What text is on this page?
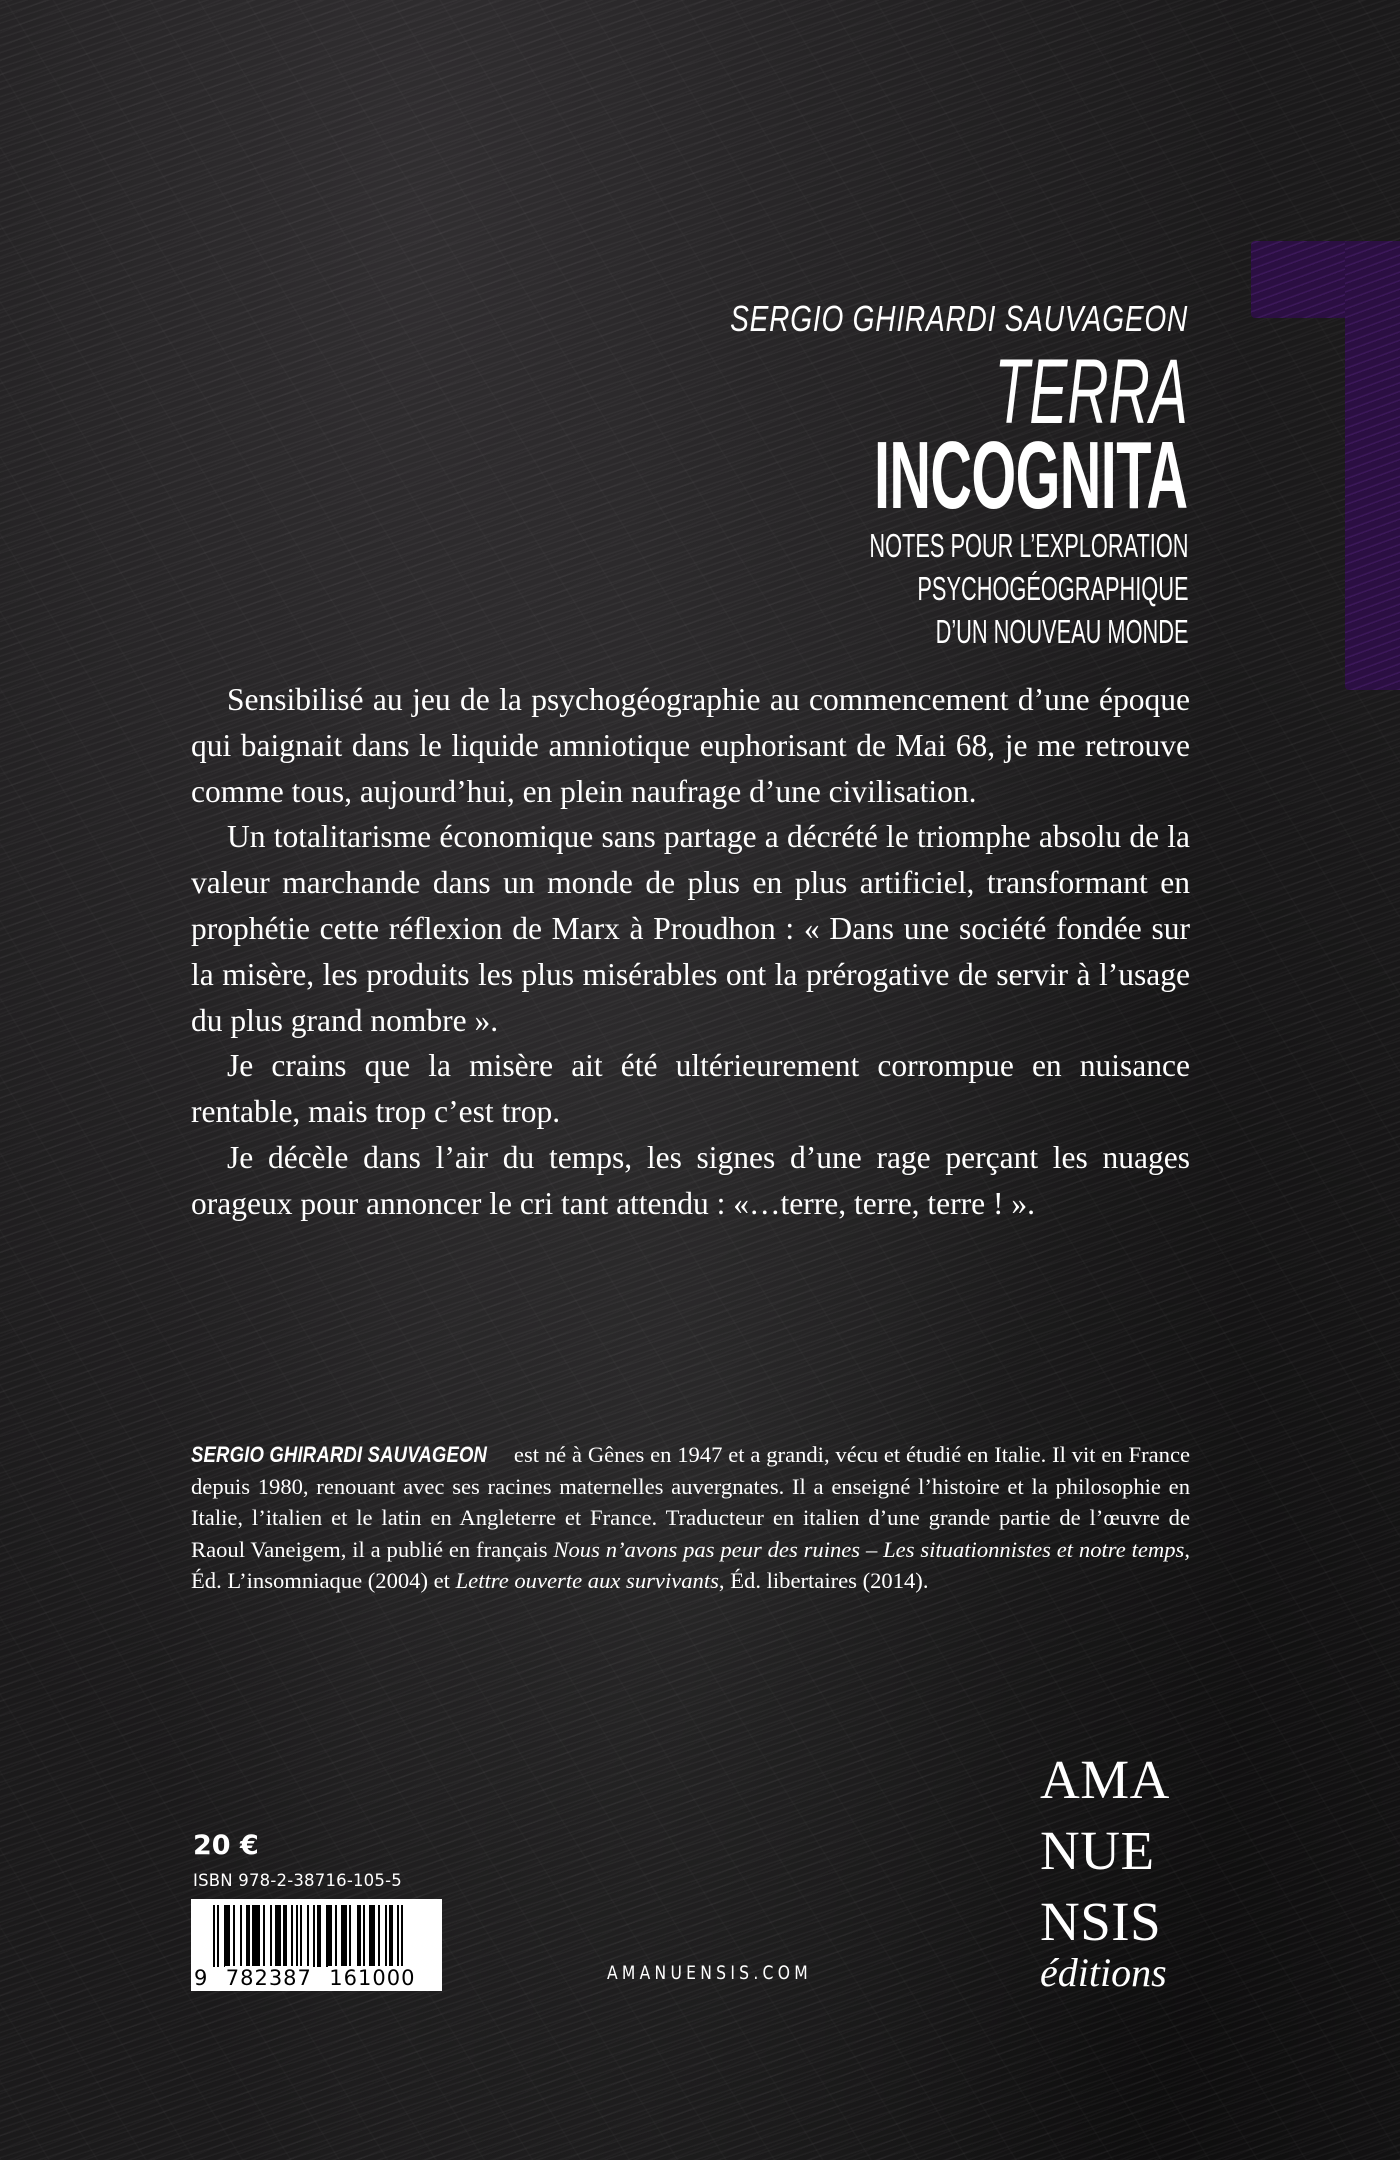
SERGIO GHIRARDI SAUVAGEON
TERRA
INCOGNITA
NOTES POUR L’EXPLORATION
PSYCHOGÉOGRAPHIQUE
D’UN NOUVEAU MONDE

Sensibilisé au jeu de la psychogéographie au commencement d’une époque qui baignait dans le liquide amniotique euphorisant de Mai 68, je me retrouve comme tous, aujourd’hui, en plein naufrage d’une civilisation.

Un totalitarisme économique sans partage a décrété le triomphe absolu de la valeur marchande dans un monde de plus en plus artificiel, transformant en prophétie cette réflexion de Marx à Proudhon : « Dans une société fondée sur la misère, les produits les plus misérables ont la prérogative de servir à l’usage du plus grand nombre ».

Je crains que la misère ait été ultérieurement corrompue en nuisance rentable, mais trop c’est trop.

Je décèle dans l’air du temps, les signes d’une rage perçant les nuages orageux pour annoncer le cri tant attendu : «…terre, terre, terre ! ».

SERGIO GHIRARDI SAUVAGEON est né à Gênes en 1947 et a grandi, vécu et étudié en Italie. Il vit en France depuis 1980, renouant avec ses racines maternelles auvergnates. Il a enseigné l’histoire et la philosophie en Italie, l’italien et le latin en Angleterre et France. Traducteur en italien d’une grande partie de l’œuvre de Raoul Vaneigem, il a publié en français Nous n’avons pas peur des ruines – Les situationnistes et notre temps, Éd. L’insomniaque (2004) et Lettre ouverte aux survivants, Éd. libertaires (2014).
20 €
ISBN 978-2-38716-105-5
9 782387 161000	AMANUENSIS.COM
AMA
NUE
NSIS
éditions
